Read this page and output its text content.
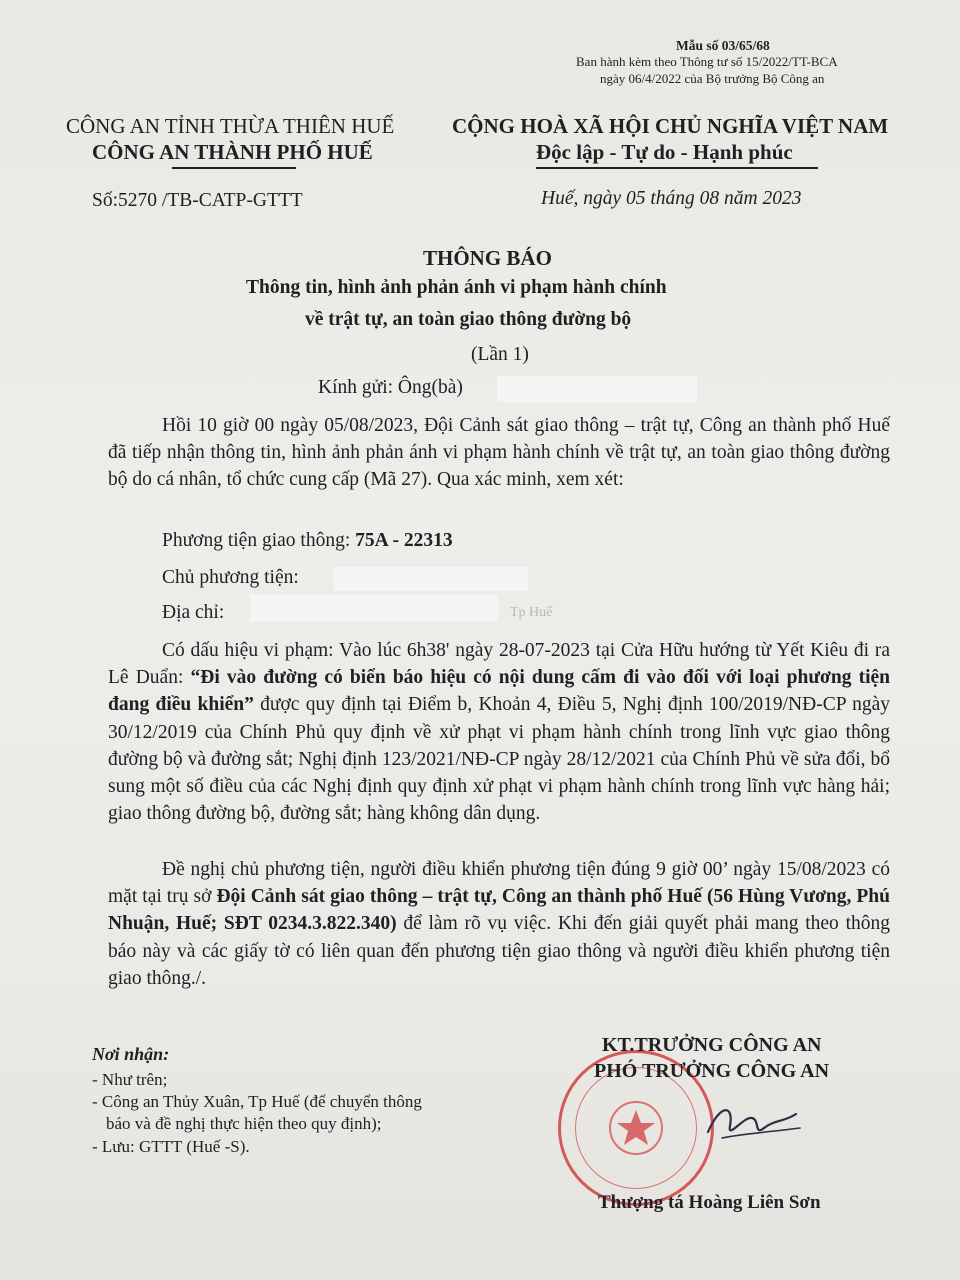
Mẫu số 03/65/68
Ban hành kèm theo Thông tư số 15/2022/TT-BCA
ngày 06/4/2022 của Bộ trưởng Bộ Công an
CÔNG AN TỈNH THỪA THIÊN HUẾ
CÔNG AN THÀNH PHỐ HUẾ
Số:5270 /TB-CATP-GTTT
CỘNG HOÀ XÃ HỘI CHỦ NGHĨA VIỆT NAM
Độc lập - Tự do - Hạnh phúc
Huế, ngày 05 tháng 08 năm 2023
THÔNG BÁO
Thông tin, hình ảnh phản ánh vi phạm hành chính
về trật tự, an toàn giao thông đường bộ
(Lần 1)
Kính gửi: Ông(bà)
Hồi 10 giờ 00 ngày 05/08/2023, Đội Cảnh sát giao thông – trật tự, Công an thành phố Huế đã tiếp nhận thông tin, hình ảnh phản ánh vi phạm hành chính về trật tự, an toàn giao thông đường bộ do cá nhân, tổ chức cung cấp (Mã 27). Qua xác minh, xem xét:
Phương tiện giao thông: 75A - 22313
Chủ phương tiện:
Địa chỉ:	Tp Huế
Có dấu hiệu vi phạm: Vào lúc 6h38' ngày 28-07-2023 tại Cửa Hữu hướng từ Yết Kiêu đi ra Lê Duẩn: “Đi vào đường có biển báo hiệu có nội dung cấm đi vào đối với loại phương tiện đang điều khiển” được quy định tại Điểm b, Khoản 4, Điều 5, Nghị định 100/2019/NĐ-CP ngày 30/12/2019 của Chính Phủ quy định về xử phạt vi phạm hành chính trong lĩnh vực giao thông đường bộ và đường sắt; Nghị định 123/2021/NĐ-CP ngày 28/12/2021 của Chính Phủ về sửa đổi, bổ sung một số điều của các Nghị định quy định xử phạt vi phạm hành chính trong lĩnh vực hàng hải; giao thông đường bộ, đường sắt; hàng không dân dụng.
Đề nghị chủ phương tiện, người điều khiển phương tiện đúng 9 giờ 00’ ngày 15/08/2023 có mặt tại trụ sở Đội Cảnh sát giao thông – trật tự, Công an thành phố Huế (56 Hùng Vương, Phú Nhuận, Huế; SĐT 0234.3.822.340) để làm rõ vụ việc. Khi đến giải quyết phải mang theo thông báo này và các giấy tờ có liên quan đến phương tiện giao thông và người điều khiển phương tiện giao thông./.
Nơi nhận:
- Như trên;
- Công an Thủy Xuân, Tp Huế (để chuyển thông
báo và đề nghị thực hiện theo quy định);
- Lưu: GTTT (Huế -S).
KT.TRƯỞNG CÔNG AN
PHÓ TRƯỞNG CÔNG AN
Thượng tá Hoàng Liên Sơn
